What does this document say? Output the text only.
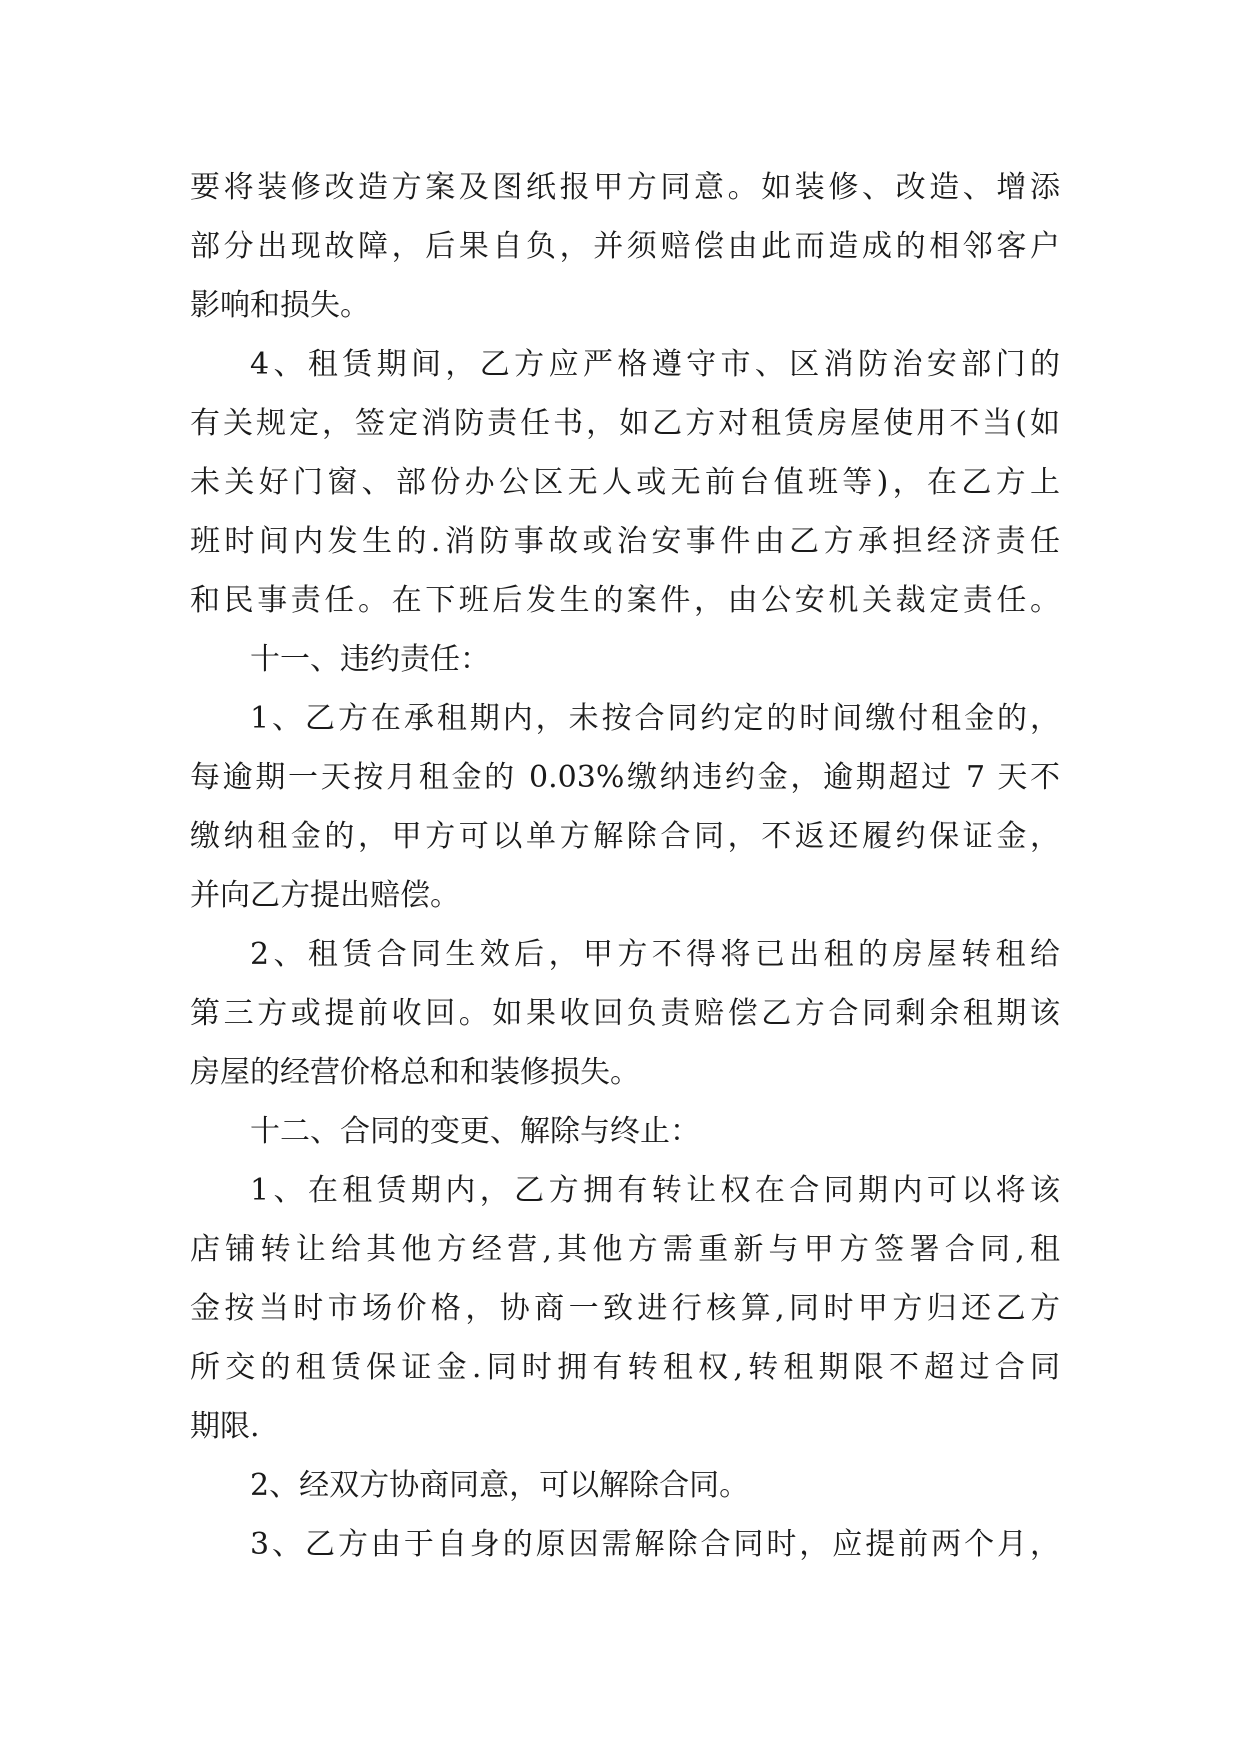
要将装修改造方案及图纸报甲方同意。如装修、改造、增添
部分出现故障，后果自负，并须赔偿由此而造成的相邻客户
影响和损失。
4、租赁期间，乙方应严格遵守市、区消防治安部门的
有关规定，签定消防责任书，如乙方对租赁房屋使用不当(如
未关好门窗、部份办公区无人或无前台值班等)，在乙方上
班时间内发生的.消防事故或治安事件由乙方承担经济责任
和民事责任。在下班后发生的案件，由公安机关裁定责任。
十一、违约责任：
1、乙方在承租期内，未按合同约定的时间缴付租金的，
每逾期一天按月租金的 0.03%缴纳违约金，逾期超过 7 天不
缴纳租金的，甲方可以单方解除合同，不返还履约保证金，
并向乙方提出赔偿。
2、租赁合同生效后，甲方不得将已出租的房屋转租给
第三方或提前收回。如果收回负责赔偿乙方合同剩余租期该
房屋的经营价格总和和装修损失。
十二、合同的变更、解除与终止：
1、在租赁期内，乙方拥有转让权在合同期内可以将该
店铺转让给其他方经营,其他方需重新与甲方签署合同,租
金按当时市场价格，协商一致进行核算,同时甲方归还乙方
所交的租赁保证金.同时拥有转租权,转租期限不超过合同
期限.
2、经双方协商同意，可以解除合同。
3、乙方由于自身的原因需解除合同时，应提前两个月，
